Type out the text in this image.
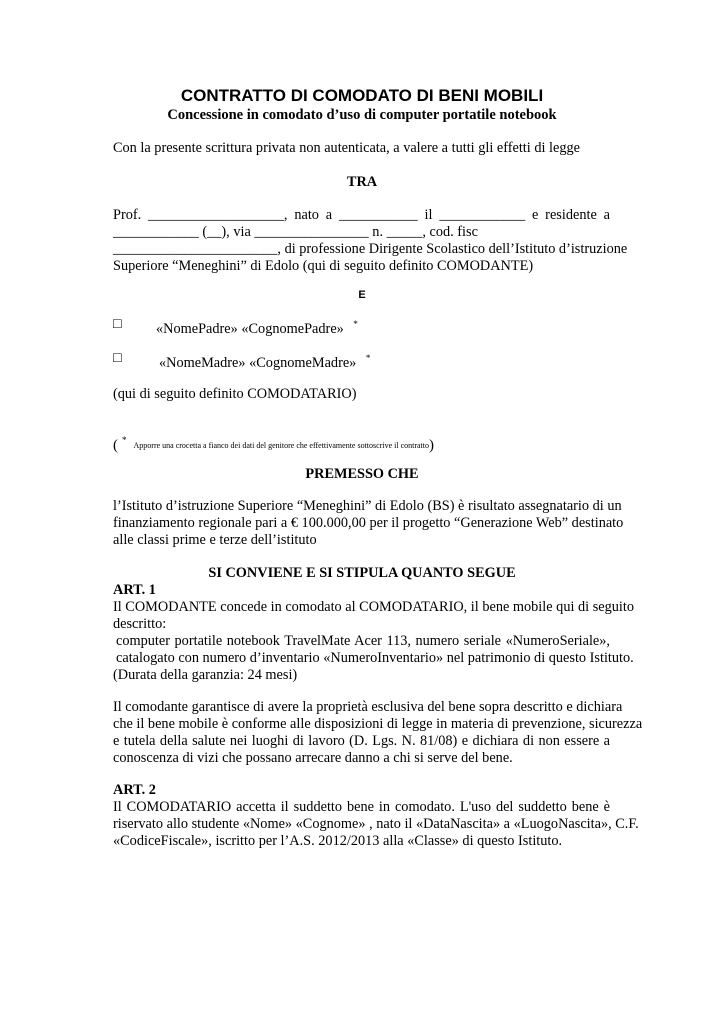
CONTRATTO DI COMODATO DI BENI MOBILI
Concessione in comodato d’uso di computer portatile notebook
Con la presente scrittura privata non autenticata, a valere a tutti gli effetti di legge
TRA
Prof. ___________________, nato a ___________ il ____________ e residente a
____________ (__), via ________________ n. _____, cod. fisc
_______________________, di professione Dirigente Scolastico dell’Istituto d’istruzione
Superiore “Meneghini” di Edolo (qui di seguito definito COMODANTE)
E
□ «NomePadre» «CognomePadre» *
□	«NomeMadre» «CognomeMadre» *
(qui di seguito definito COMODATARIO)
( * Apporre una crocetta a fianco dei dati del genitore che effettivamente sottoscrive il contratto)
PREMESSO CHE
l’Istituto d’istruzione Superiore “Meneghini” di Edolo (BS) è risultato assegnatario di un
finanziamento regionale pari a € 100.000,00 per il progetto “Generazione Web” destinato
alle classi prime e terze dell’istituto
SI CONVIENE E SI STIPULA QUANTO SEGUE
ART. 1
Il COMODANTE concede in comodato al COMODATARIO, il bene mobile qui di seguito
descritto:
computer portatile notebook TravelMate Acer 113, numero seriale «NumeroSeriale»,
catalogato con numero d’inventario «NumeroInventario» nel patrimonio di questo Istituto.
(Durata della garanzia: 24 mesi)
Il comodante garantisce di avere la proprietà esclusiva del bene sopra descritto e dichiara
che il bene mobile è conforme alle disposizioni di legge in materia di prevenzione, sicurezza
e tutela della salute nei luoghi di lavoro (D. Lgs. N. 81/08) e dichiara di non essere a
conoscenza di vizi che possano arrecare danno a chi si serve del bene.
ART. 2
Il COMODATARIO accetta il suddetto bene in comodato. L'uso del suddetto bene è
riservato allo studente «Nome» «Cognome» , nato il «DataNascita» a «LuogoNascita», C.F.
«CodiceFiscale», iscritto per l’A.S. 2012/2013 alla «Classe» di questo Istituto.
